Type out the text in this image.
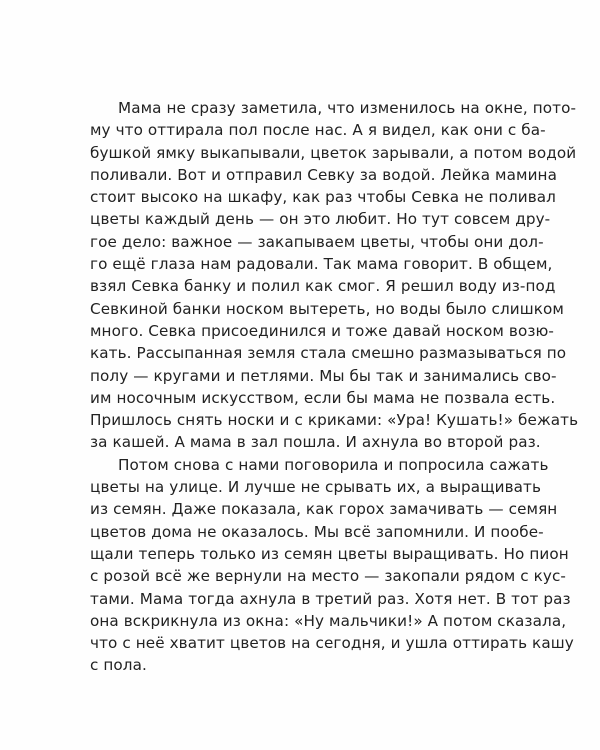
Мама не сразу заметила, что изменилось на окне, пото-
му что оттирала пол после нас. А я видел, как они с ба-
бушкой ямку выкапывали, цветок зарывали, а потом водой
поливали. Вот и отправил Севку за водой. Лейка мамина
стоит высоко на шкафу, как раз чтобы Севка не поливал
цветы каждый день — он это любит. Но тут совсем дру-
гое дело: важное — закапываем цветы, чтобы они дол-
го ещё глаза нам радовали. Так мама говорит. В общем,
взял Севка банку и полил как смог. Я решил воду из-под
Севкиной банки носком вытереть, но воды было слишком
много. Севка присоединился и тоже давай носком возю-
кать. Рассыпанная земля стала смешно размазываться по
полу — кругами и петлями. Мы бы так и занимались сво-
им носочным искусством, если бы мама не позвала есть.
Пришлось снять носки и с криками: «Ура! Кушать!» бежать
за кашей. А мама в зал пошла. И ахнула во второй раз.
Потом снова с нами поговорила и попросила сажать
цветы на улице. И лучше не срывать их, а выращивать
из семян. Даже показала, как горох замачивать — семян
цветов дома не оказалось. Мы всё запомнили. И пообе-
щали теперь только из семян цветы выращивать. Но пион
с розой всё же вернули на место — закопали рядом с кус-
тами. Мама тогда ахнула в третий раз. Хотя нет. В тот раз
она вскрикнула из окна: «Ну мальчики!» А потом сказала,
что с неё хватит цветов на сегодня, и ушла оттирать кашу
с пола.
